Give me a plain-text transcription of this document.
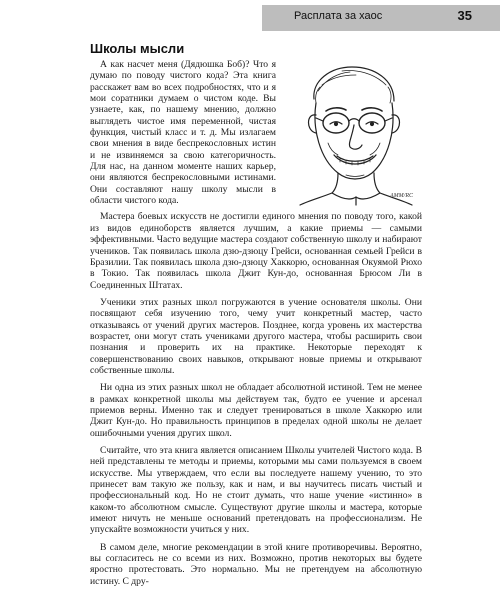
Расплата за хаос	35
Школы мысли
AMM/RC

А как насчет меня (Дядюшка Боб)? Что я думаю по поводу чистого кода? Эта книга расскажет вам во всех подробностях, что и я мои соратники думаем о чистом коде. Вы узнаете, как, по нашему мнению, должно выглядеть чистое имя переменной, чистая функция, чистый класс и т. д. Мы излагаем свои мнения в виде беспрекословных истин и не извиняемся за свою категоричность. Для нас, на данном моменте наших карьер, они являются беспрекословными истинами. Они составляют нашу школу мысли в области чистого кода.

Мастера боевых искусств не достигли единого мнения по поводу того, какой из видов единоборств является лучшим, а какие приемы — самыми эффективными. Часто ведущие мастера создают собственную школу и набирают учеников. Так появилась школа дзю-дзюцу Грейси, основанная семьей Грейси в Бразилии. Так появилась школа дзю-дзюцу Хаккорю, основанная Окуямой Рюхо в Токио. Так появилась школа Джит Кун-до, основанная Брюсом Ли в Соединенных Штатах.

Ученики этих разных школ погружаются в учение основателя школы. Они посвящают себя изучению того, чему учит конкретный мастер, часто отказываясь от учений других мастеров. Позднее, когда уровень их мастерства возрастет, они могут стать учениками другого мастера, чтобы расширить свои познания и проверить их на практике. Некоторые переходят к совершенствованию своих навыков, открывают новые приемы и открывают собственные школы.

Ни одна из этих разных школ не обладает абсолютной истиной. Тем не менее в рамках конкретной школы мы действуем так, будто ее учение и арсенал приемов верны. Именно так и следует тренироваться в школе Хаккорю или Джит Кун-до. Но правильность принципов в пределах одной школы не делает ошибочными учения других школ.

Считайте, что эта книга является описанием Школы учителей Чистого кода. В ней представлены те методы и приемы, которыми мы сами пользуемся в своем искусстве. Мы утверждаем, что если вы последуете нашему учению, то это принесет вам такую же пользу, как и нам, и вы научитесь писать чистый и профессиональный код. Но не стоит думать, что наше учение «истинно» в каком-то абсолютном смысле. Существуют другие школы и мастера, которые имеют ничуть не меньше оснований претендовать на профессионализм. Не упускайте возможности учиться у них.

В самом деле, многие рекомендации в этой книге противоречивы. Вероятно, вы согласитесь не со всеми из них. Возможно, против некоторых вы будете яростно протестовать. Это нормально. Мы не претендуем на абсолютную истину. С дру-
